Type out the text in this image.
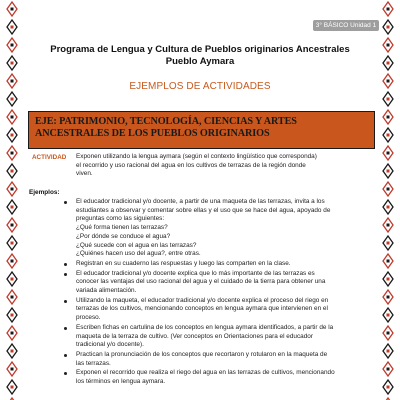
3° BÁSICO Unidad 1
Programa de Lengua y Cultura de Pueblos originarios Ancestrales
Pueblo Aymara
EJEMPLOS DE ACTIVIDADES
EJE: PATRIMONIO, TECNOLOGÍA, CIENCIAS Y ARTES
ANCESTRALES DE LOS PUEBLOS ORIGINARIOS
ACTIVIDAD Exponen utilizando la lengua aymara (según el contexto lingüístico que corresponda)
el recorrido y uso racional del agua en los cultivos de terrazas de la región donde
viven.
Ejemplos:
El educador tradicional y/o docente, a partir de una maqueta de las terrazas, invita a los
estudiantes a observar y comentar sobre ellas y el uso que se hace del agua, apoyado de
preguntas como las siguientes:
¿Qué forma tienen las terrazas?
¿Por dónde se conduce el agua?
¿Qué sucede con el agua en las terrazas?
¿Quiénes hacen uso del agua?, entre otras.
Registran en su cuaderno las respuestas y luego las comparten en la clase.
El educador tradicional y/o docente explica que lo más importante de las terrazas es
conocer las ventajas del uso racional del agua y el cuidado de la tierra para obtener una
variada alimentación.
Utilizando la maqueta, el educador tradicional y/o docente explica el proceso del riego en
terrazas de los cultivos, mencionando conceptos en lengua aymara que intervienen en el
proceso.
Escriben fichas en cartulina de los conceptos en lengua aymara identificados, a partir de la
maqueta de la terraza de cultivo. (Ver conceptos en Orientaciones para el educador
tradicional y/o docente).
Practican la pronunciación de los conceptos que recortaron y rotularon en la maqueta de
las terrazas.
Exponen el recorrido que realiza el riego del agua en las terrazas de cultivos, mencionando
los términos en lengua aymara.
